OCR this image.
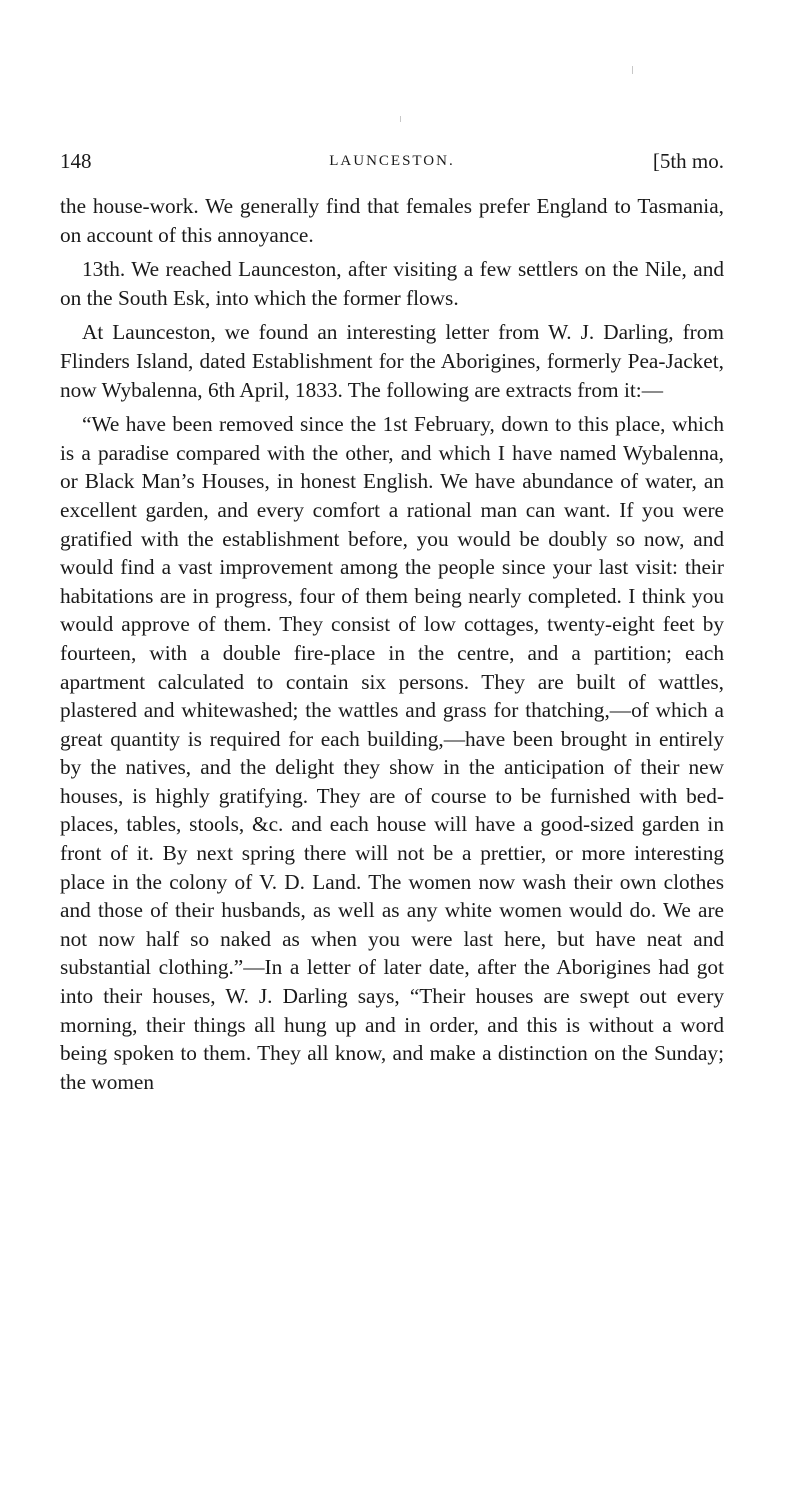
148	LAUNCESTON.	[5th mo.

the house-work. We generally find that females prefer England to Tasmania, on account of this annoyance.

13th. We reached Launceston, after visiting a few settlers on the Nile, and on the South Esk, into which the former flows.

At Launceston, we found an interesting letter from W. J. Darling, from Flinders Island, dated Establishment for the Aborigines, formerly Pea-Jacket, now Wybalenna, 6th April, 1833. The following are extracts from it:—

“We have been removed since the 1st February, down to this place, which is a paradise compared with the other, and which I have named Wybalenna, or Black Man’s Houses, in honest English. We have abundance of water, an excellent garden, and every comfort a rational man can want. If you were gratified with the establishment before, you would be doubly so now, and would find a vast improvement among the people since your last visit: their habitations are in progress, four of them being nearly completed. I think you would approve of them. They consist of low cottages, twenty-eight feet by fourteen, with a double fire-place in the centre, and a partition; each apartment calculated to contain six persons. They are built of wattles, plastered and whitewashed; the wattles and grass for thatching,—of which a great quantity is required for each building,—have been brought in entirely by the natives, and the delight they show in the anticipation of their new houses, is highly gratifying. They are of course to be furnished with bed-places, tables, stools, &c. and each house will have a good-sized garden in front of it. By next spring there will not be a prettier, or more interesting place in the colony of V. D. Land. The women now wash their own clothes and those of their husbands, as well as any white women would do. We are not now half so naked as when you were last here, but have neat and substantial clothing.”—In a letter of later date, after the Aborigines had got into their houses, W. J. Darling says, “Their houses are swept out every morning, their things all hung up and in order, and this is without a word being spoken to them. They all know, and make a distinction on the Sunday; the women
